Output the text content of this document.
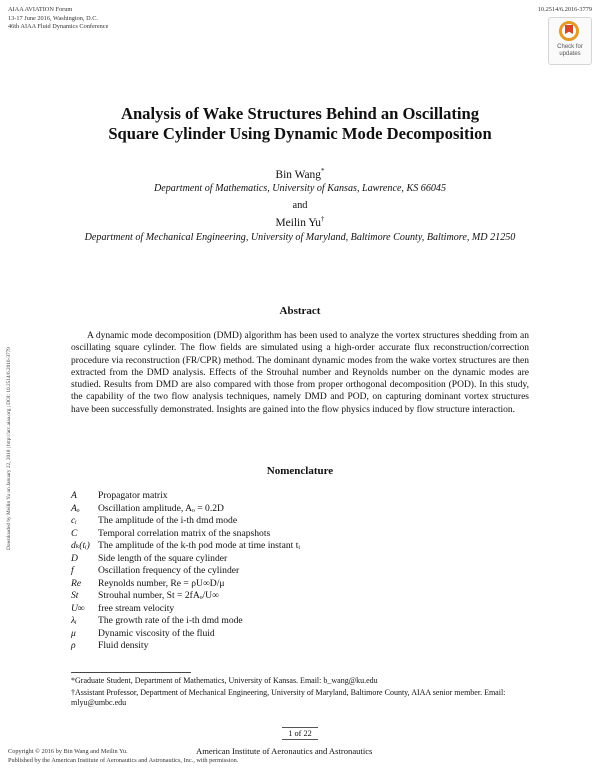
AIAA AVIATION Forum
13-17 June 2016, Washington, D.C.
46th AIAA Fluid Dynamics Conference
10.2514/6.2016-3779
Check for
updates
Downloaded by Meilin Yu on January 22, 2018 | http://arc.aiaa.org | DOI: 10.2514/6.2016-3779
Analysis of Wake Structures Behind an Oscillating
Square Cylinder Using Dynamic Mode Decomposition
Bin Wang*
Department of Mathematics, University of Kansas, Lawrence, KS 66045
and
Meilin Yu†
Department of Mechanical Engineering, University of Maryland, Baltimore County, Baltimore, MD 21250
Abstract

A dynamic mode decomposition (DMD) algorithm has been used to analyze the vortex structures shedding from an oscillating square cylinder. The flow fields are simulated using a high-order accurate flux reconstruction/correction procedure via reconstruction (FR/CPR) method. The dominant dynamic modes from the wake vortex structures are then extracted from the DMD analysis. Effects of the Strouhal number and Reynolds number on the dynamic modes are studied. Results from DMD are also compared with those from proper orthogonal decomposition (POD). In this study, the capability of the two flow analysis techniques, namely DMD and POD, on capturing dominant vortex structures have been successfully demonstrated. Insights are gained into the flow physics induced by flow structure interaction.

Nomenclature
A	Propagator matrix
Aₒ	Oscillation amplitude, Aₒ = 0.2D
cᵢ	The amplitude of the i-th dmd mode
C	Temporal correlation matrix of the snapshots
dₖ(tᵢ) The amplitude of the k-th pod mode at time instant tᵢ
D	Side length of the square cylinder
f	Oscillation frequency of the cylinder
Re	Reynolds number, Re = ρU∞D/μ
St	Strouhal number, St = 2fAₒ/U∞
U∞	free stream velocity
λᵢ	The growth rate of the i-th dmd mode
μ	Dynamic viscosity of the fluid
ρ	Fluid density
*Graduate Student, Department of Mathematics, University of Kansas. Email: b_wang@ku.edu
†Assistant Professor, Department of Mechanical Engineering, University of Maryland, Baltimore County, AIAA senior member. Email: mlyu@umbc.edu
1 of 22
Copyright © 2016 by Bin Wang and Meilin Yu.
Published by the American Institute of Aeronautics and Astronautics, Inc., with permission.
American Institute of Aeronautics and Astronautics
